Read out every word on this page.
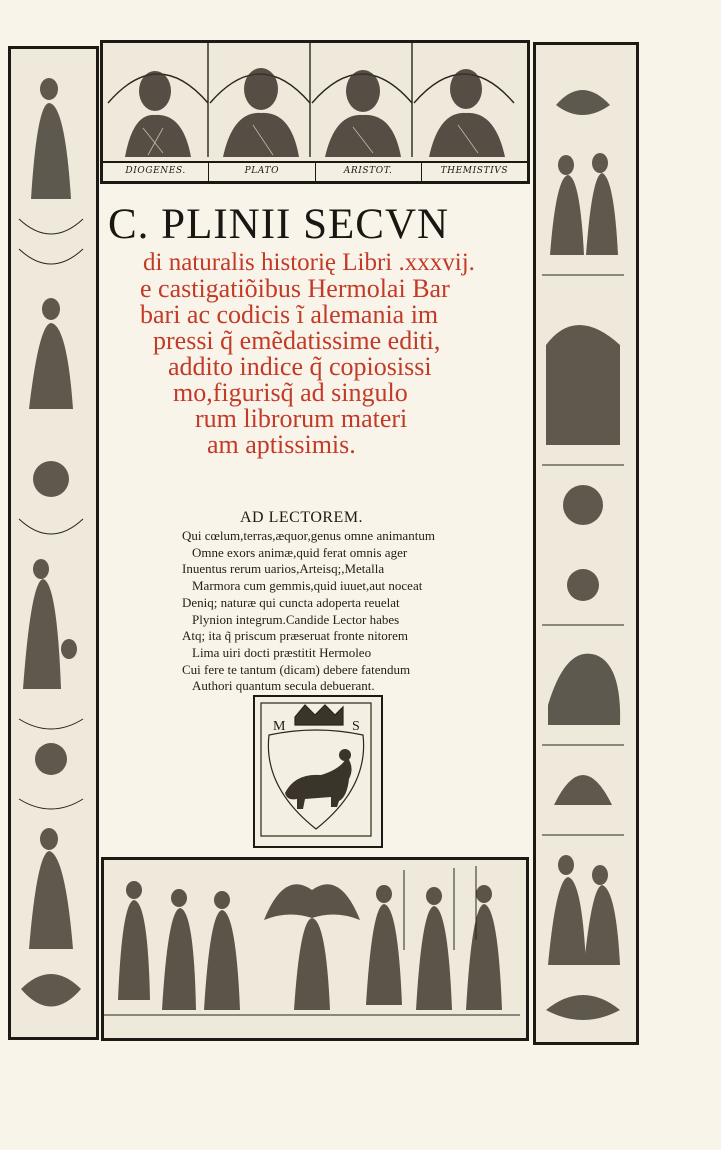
DIOGENES.	PLATO	ARISTOT.	THEMISTIVS
C. PLINII SECVN
di naturalis historię Libri .xxxvij.
e castigatiõibus Hermolai Bar
bari ac codicis ĩ alemania im
pressi q̃ emẽdatissime editi,
addito indice q̃ copiosissi
mo,figurisq̃ ad singulo
rum librorum materi
am aptissimis.
AD LECTOREM.
Qui cœlum,terras,æquor,genus omne animantum
Omne exors animæ,quid ferat omnis ager
Inuentus rerum uarios,Arteisq;,Metalla
Marmora cum gemmis,quid iuuet,aut noceat
Deniq; naturæ qui cuncta adoperta reuelat
Plynion integrum.Candide Lector habes
Atq; ita q̃ priscum præseruat fronte nitorem
Lima uiri docti præstitit Hermoleo
Cui fere te tantum (dicam) debere fatendum
Authori quantum secula debuerant.
M	S
